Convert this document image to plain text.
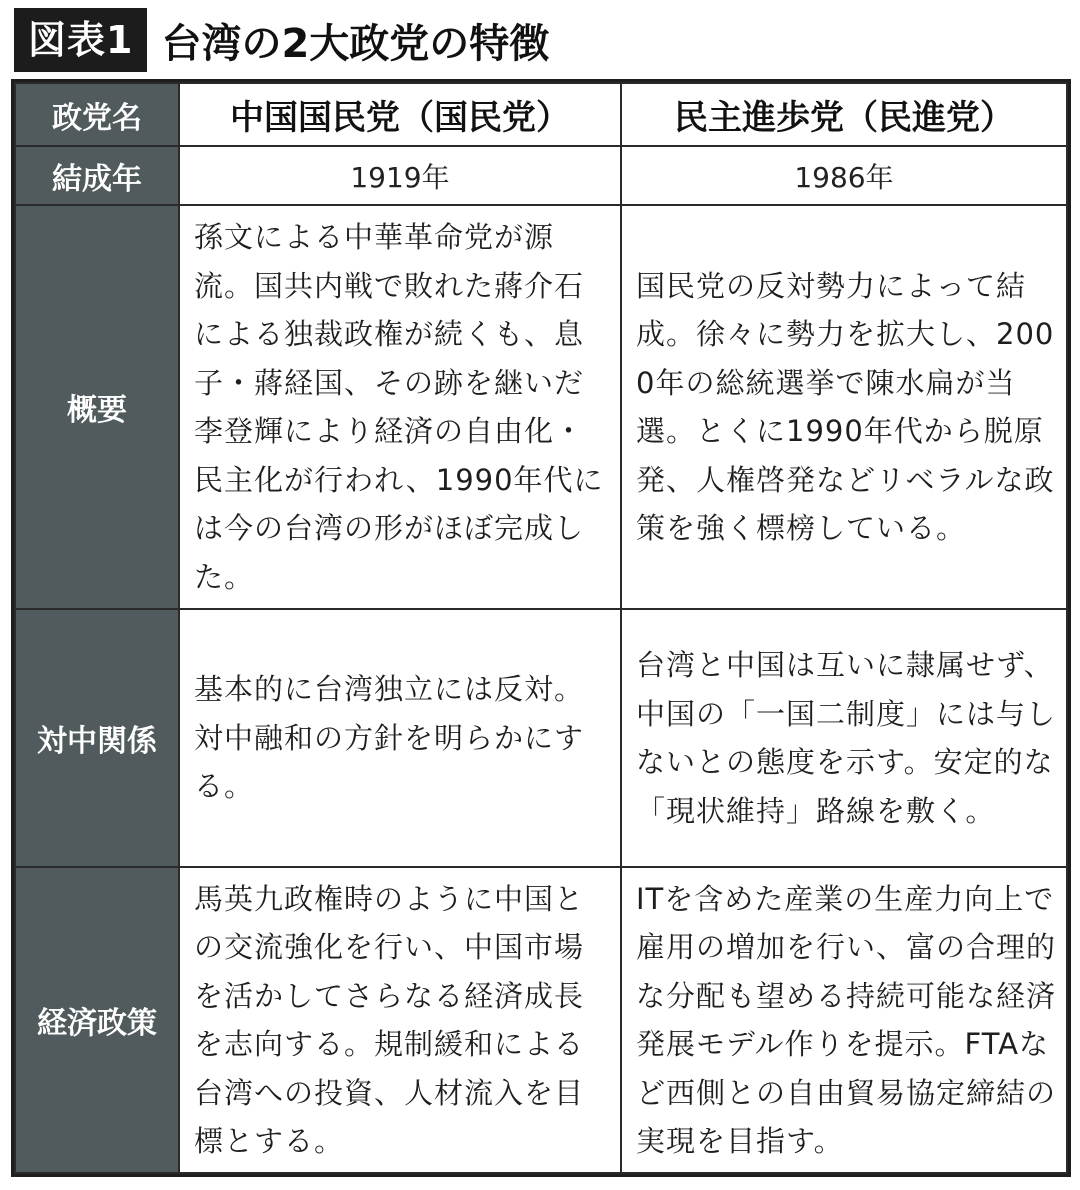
図表1 台湾の2大政党の特徴
政党名	中国国民党（国民党）	民主進歩党（民進党）
結成年	1919年	1986年
概要	孫文による中華革命党が源流。国共内戦で敗れた蔣介石による独裁政権が続くも、息子・蔣経国、その跡を継いだ李登輝により経済の自由化・民主化が行われ、1990年代には今の台湾の形がほぼ完成した。	国民党の反対勢力によって結成。徐々に勢力を拡大し、2000年の総統選挙で陳水扁が当選。とくに1990年代から脱原発、人権啓発などリベラルな政策を強く標榜している。
対中関係	基本的に台湾独立には反対。対中融和の方針を明らかにする。	台湾と中国は互いに隷属せず、中国の「一国二制度」には与しないとの態度を示す。安定的な「現状維持」路線を敷く。
経済政策	馬英九政権時のように中国との交流強化を行い、中国市場を活かしてさらなる経済成長を志向する。規制緩和による台湾への投資、人材流入を目標とする。	ITを含めた産業の生産力向上で雇用の増加を行い、富の合理的な分配も望める持続可能な経済発展モデル作りを提示。FTAなど西側との自由貿易協定締結の実現を目指す。
